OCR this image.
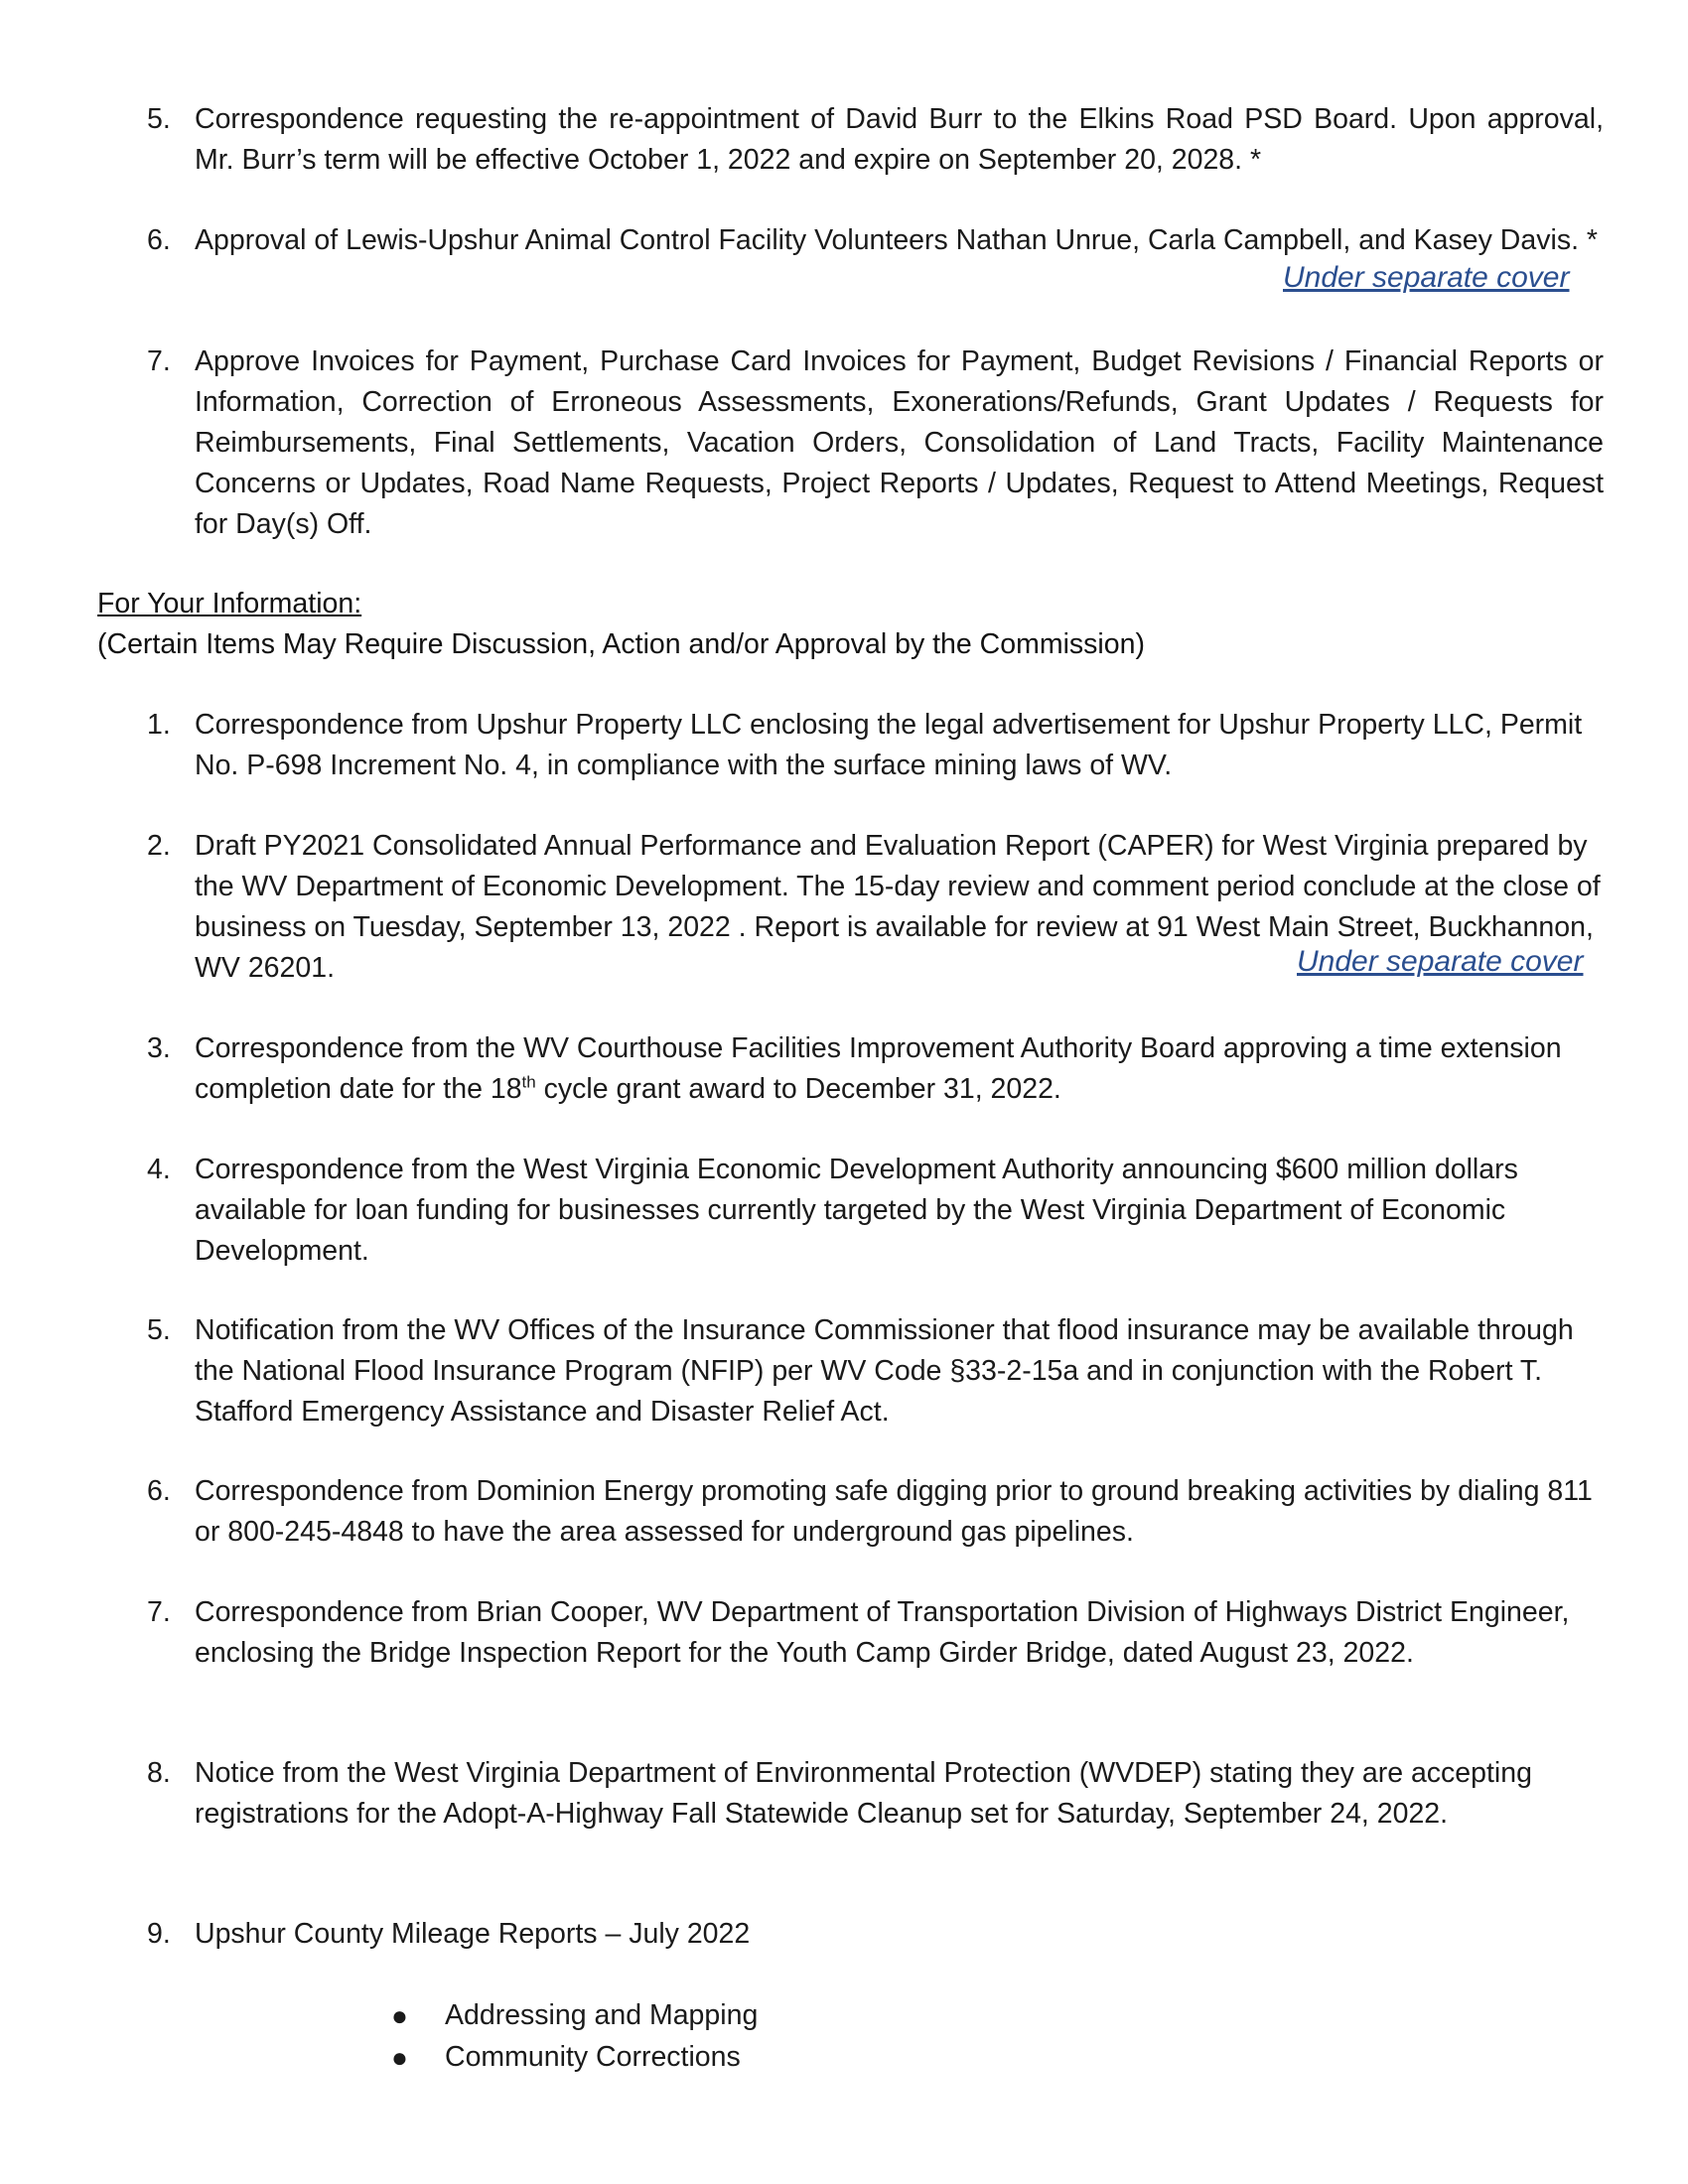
5. Correspondence requesting the re-appointment of David Burr to the Elkins Road PSD Board. Upon approval, Mr. Burr’s term will be effective October 1, 2022 and expire on September 20, 2028. *
6. Approval of Lewis-Upshur Animal Control Facility Volunteers Nathan Unrue, Carla Campbell, and Kasey Davis. *
Under separate cover
7. Approve Invoices for Payment, Purchase Card Invoices for Payment, Budget Revisions / Financial Reports or Information, Correction of Erroneous Assessments, Exonerations/Refunds, Grant Updates / Requests for Reimbursements, Final Settlements, Vacation Orders, Consolidation of Land Tracts, Facility Maintenance Concerns or Updates, Road Name Requests, Project Reports / Updates, Request to Attend Meetings, Request for Day(s) Off.
For Your Information:
(Certain Items May Require Discussion, Action and/or Approval by the Commission)
1. Correspondence from Upshur Property LLC enclosing the legal advertisement for Upshur Property LLC, Permit No. P-698 Increment No. 4, in compliance with the surface mining laws of WV.
2. Draft PY2021 Consolidated Annual Performance and Evaluation Report (CAPER) for West Virginia prepared by the WV Department of Economic Development. The 15-day review and comment period conclude at the close of business on Tuesday, September 13, 2022 . Report is available for review at 91 West Main Street, Buckhannon, WV 26201.	Under separate cover
3. Correspondence from the WV Courthouse Facilities Improvement Authority Board approving a time extension completion date for the 18th cycle grant award to December 31, 2022.
4. Correspondence from the West Virginia Economic Development Authority announcing $600 million dollars available for loan funding for businesses currently targeted by the West Virginia Department of Economic Development.
5. Notification from the WV Offices of the Insurance Commissioner that flood insurance may be available through the National Flood Insurance Program (NFIP) per WV Code §33-2-15a and in conjunction with the Robert T. Stafford Emergency Assistance and Disaster Relief Act.
6. Correspondence from Dominion Energy promoting safe digging prior to ground breaking activities by dialing 811 or 800-245-4848 to have the area assessed for underground gas pipelines.
7. Correspondence from Brian Cooper, WV Department of Transportation Division of Highways District Engineer, enclosing the Bridge Inspection Report for the Youth Camp Girder Bridge, dated August 23, 2022.
8. Notice from the West Virginia Department of Environmental Protection (WVDEP) stating they are accepting registrations for the Adopt-A-Highway Fall Statewide Cleanup set for Saturday, September 24, 2022.
9. Upshur County Mileage Reports – July 2022
● Addressing and Mapping
● Community Corrections
